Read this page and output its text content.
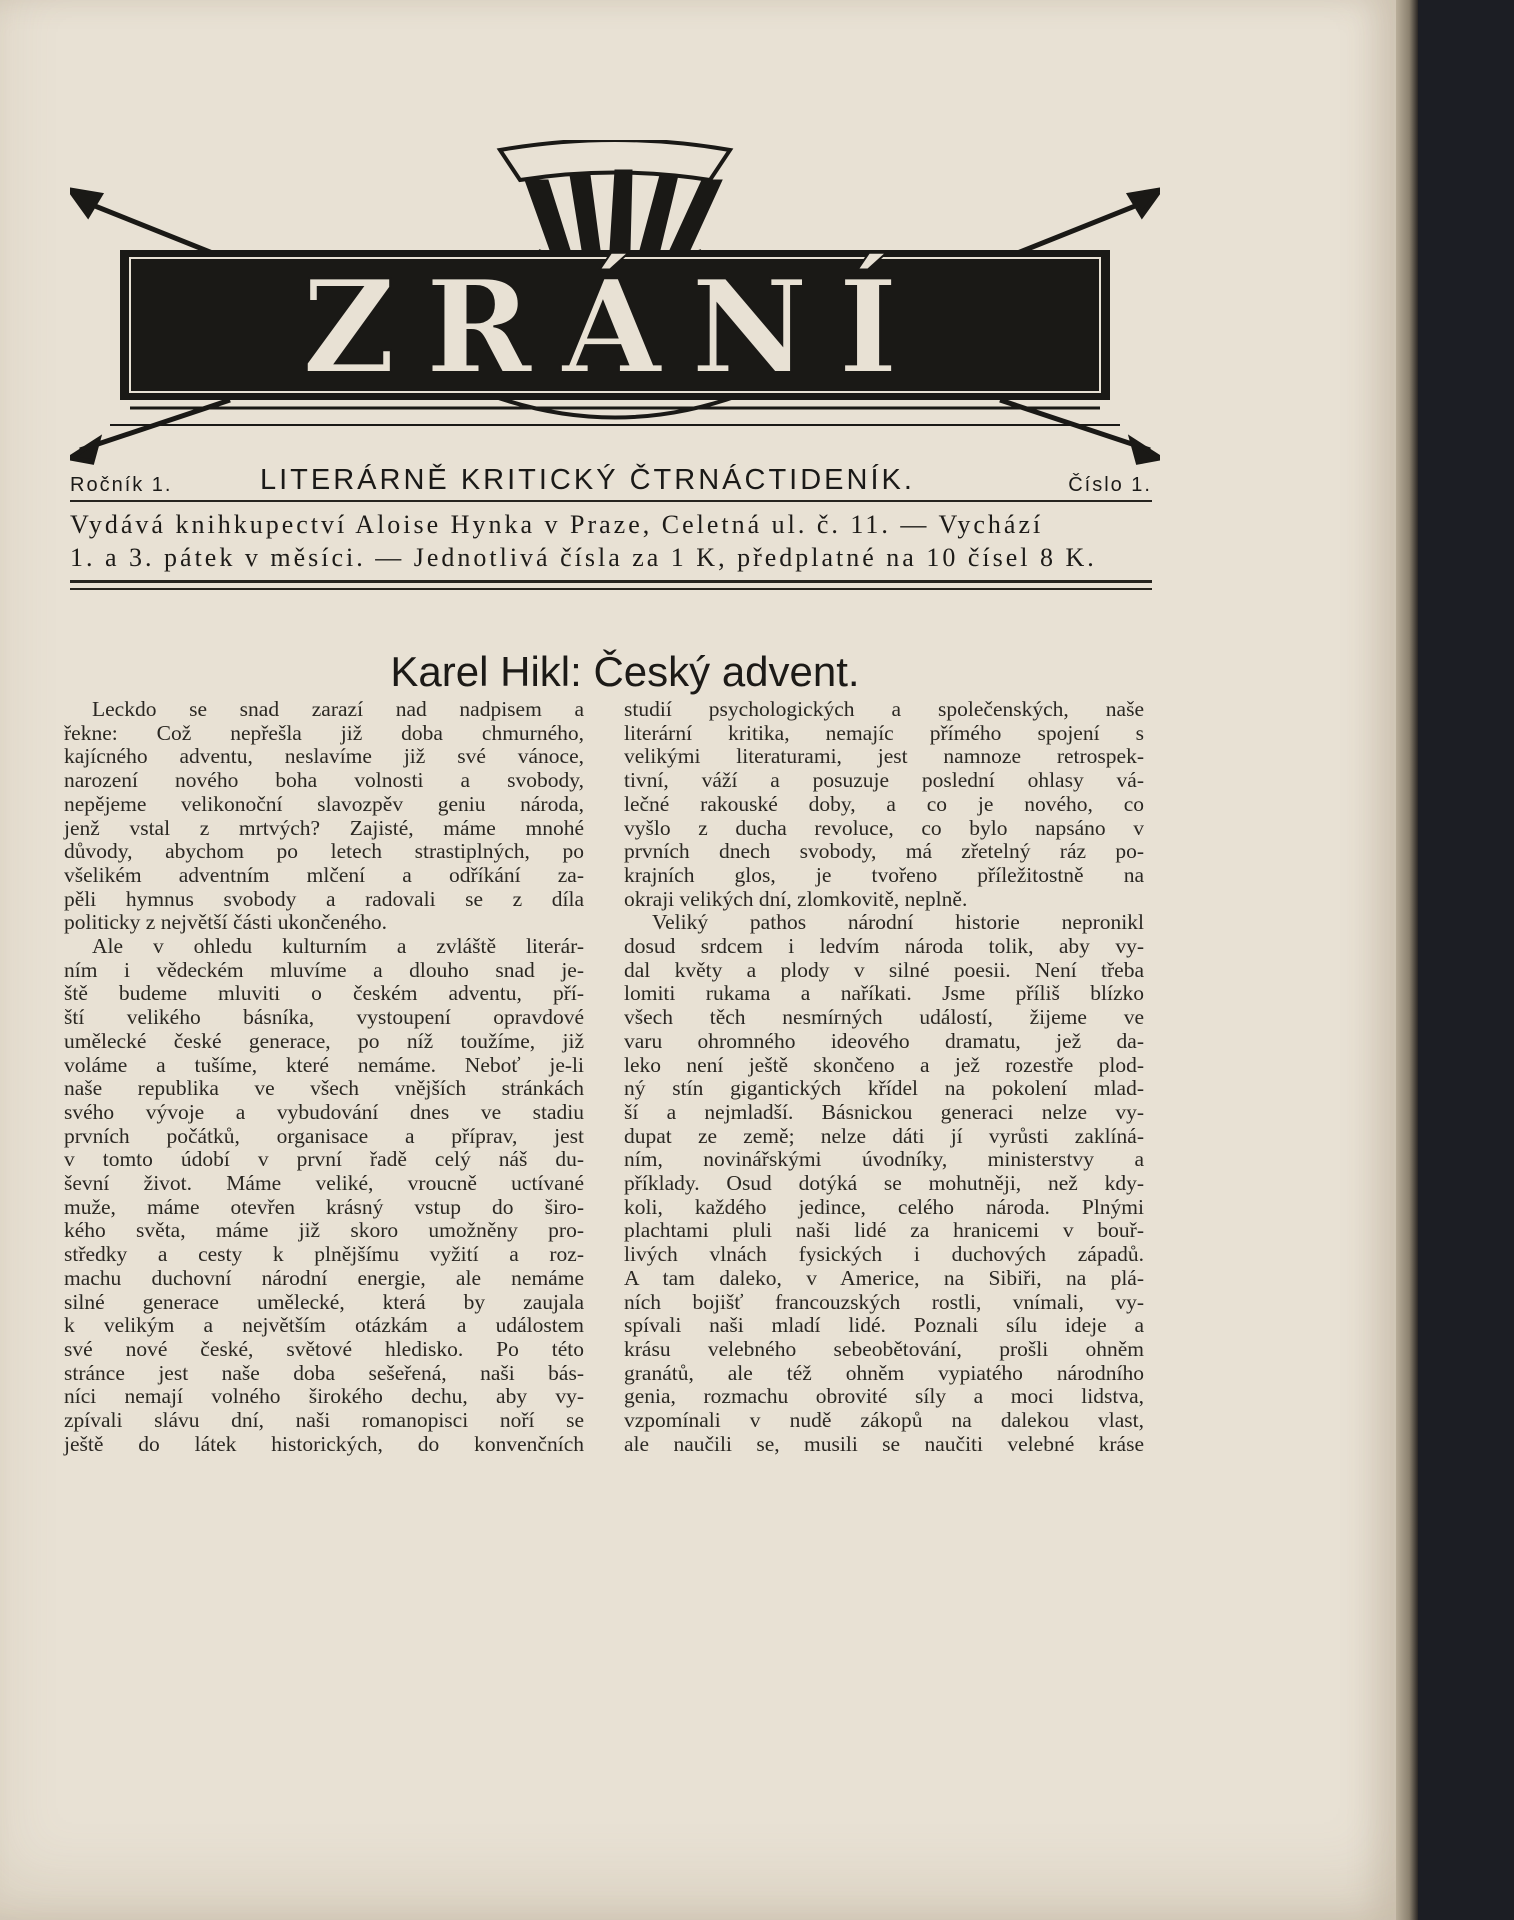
ZRÁNÍ
Ročník 1.	LITERÁRNĚ KRITICKÝ ČTRNÁCTIDENÍK.	Číslo 1.
Vydává knihkupectví Aloise Hynka v Praze, Celetná ul. č. 11. — Vychází
1. a 3. pátek v měsíci. — Jednotlivá čísla za 1 K, předplatné na 10 čísel 8 K.
Karel Hikl: Český advent.

Leckdo se snad zarazí nad nadpisem a
řekne: Což nepřešla již doba chmurného,
kajícného adventu, neslavíme již své vánoce,
narození nového boha volnosti a svobody,
nepějeme velikonoční slavozpěv geniu národa,
jenž vstal z mrtvých? Zajisté, máme mnohé
důvody, abychom po letech strastiplných, po
všelikém adventním mlčení a odříkání za-
pěli hymnus svobody a radovali se z díla
politicky z největší části ukončeného.
Ale v ohledu kulturním a zvláště literár-
ním i vědeckém mluvíme a dlouho snad je-
ště budeme mluviti o českém adventu, pří-
ští velikého básníka, vystoupení opravdové
umělecké české generace, po níž toužíme, již
voláme a tušíme, které nemáme. Neboť je-li
naše republika ve všech vnějších stránkách
svého vývoje a vybudování dnes ve stadiu
prvních počátků, organisace a příprav, jest
v tomto údobí v první řadě celý náš du-
ševní život. Máme veliké, vroucně uctívané
muže, máme otevřen krásný vstup do širo-
kého světa, máme již skoro umožněny pro-
středky a cesty k plnějšímu vyžití a roz-
machu duchovní národní energie, ale nemáme
silné generace umělecké, která by zaujala
k velikým a největším otázkám a událostem
své nové české, světové hledisko. Po této
stránce jest naše doba sešeřená, naši bás-
níci nemají volného širokého dechu, aby vy-
zpívali slávu dní, naši romanopisci noří se
ještě do látek historických, do konvenčních

studií psychologických a společenských, naše
literární kritika, nemajíc přímého spojení s
velikými literaturami, jest namnoze retrospek-
tivní, váží a posuzuje poslední ohlasy vá-
lečné rakouské doby, a co je nového, co
vyšlo z ducha revoluce, co bylo napsáno v
prvních dnech svobody, má zřetelný ráz po-
krajních glos, je tvořeno příležitostně na
okraji velikých dní, zlomkovitě, neplně.
Veliký pathos národní historie nepronikl
dosud srdcem i ledvím národa tolik, aby vy-
dal květy a plody v silné poesii. Není třeba
lomiti rukama a naříkati. Jsme příliš blízko
všech těch nesmírných událostí, žijeme ve
varu ohromného ideového dramatu, jež da-
leko není ještě skončeno a jež rozestře plod-
ný stín gigantických křídel na pokolení mlad-
ší a nejmladší. Básnickou generaci nelze vy-
dupat ze země; nelze dáti jí vyrůsti zaklíná-
ním, novinářskými úvodníky, ministerstvy a
příklady. Osud dotýká se mohutněji, než kdy-
koli, každého jedince, celého národa. Plnými
plachtami pluli naši lidé za hranicemi v bouř-
livých vlnách fysických i duchových západů.
A tam daleko, v Americe, na Sibiři, na plá-
ních bojišť francouzských rostli, vnímali, vy-
spívali naši mladí lidé. Poznali sílu ideje a
krásu velebného sebeobětování, prošli ohněm
granátů, ale též ohněm vypiatého národního
genia, rozmachu obrovité síly a moci lidstva,
vzpomínali v nudě zákopů na dalekou vlast,
ale naučili se, musili se naučiti velebné kráse
